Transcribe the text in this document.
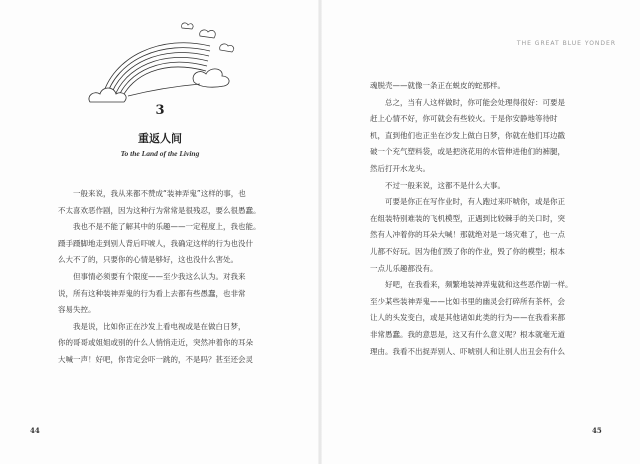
3
重返人间
To the Land of the Living
一般来说，我从来都不赞成“装神弄鬼”这样的事，也
不太喜欢恶作剧，因为这种行为常常是很残忍，要么很愚蠢。
我也不是不能了解其中的乐趣——一定程度上，我也能。
蹑手蹑脚地走到别人背后吓唬人，我确定这样的行为也没什
么大不了的，只要你的心情是够好，这也没什么害处。
但事情必须要有个限度——至少我这么认为。对我来
说，所有这种装神弄鬼的行为看上去都有些愚蠢，也非常
容易失控。
我是说，比如你正在沙发上看电视或是在做白日梦，
你的哥哥或姐姐或别的什么人悄悄走近，突然冲着你的耳朵
大喊一声！好吧，你肯定会吓一跳的，不是吗？甚至还会灵
44
THE GREAT BLUE YONDER
魂脱壳——就像一条正在蜕皮的蛇那样。
总之，当有人这样做时，你可能会处理得很好：可要是
赶上心情不好，你可就会有些较火。于是你安静地等待时
机，直到他们也正坐在沙发上做白日梦，你就在他们耳边戳
破一个充气塑料袋，或是把浇花用的水管伸进他们的裤腿，
然后打开水龙头。
不过一般来说，这都不是什么大事。
可要是你正在写作业时，有人跑过来吓唬你，或是你正
在组装特别难装的飞机模型，正遇到比较棘手的关口时，突
然有人冲着你的耳朵大喊！那就绝对是一场灾难了，也一点
儿都不好玩。因为他们毁了你的作业，毁了你的模型；根本
一点儿乐趣都没有。
好吧，在我看来，频繁地装神弄鬼就和这些恶作剧一样。
至少某些装神弄鬼——比如书里的幽灵会打碎所有茶杯，会
让人的头发变白，或是其他诸如此类的行为——在我看来都
非常愚蠢。我的意思是，这又有什么意义呢？根本就毫无道
理由。我看不出捉弄别人、吓唬别人和让别人出丑会有什么
45
